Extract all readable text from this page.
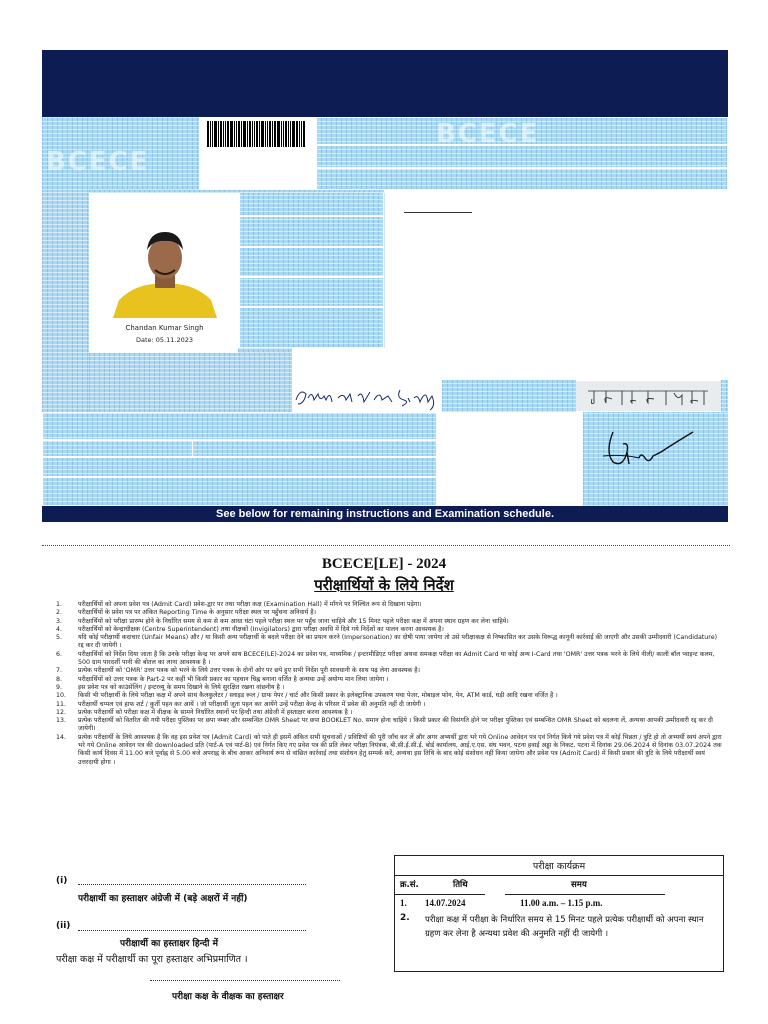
BCECE
BCECE
Chandan Kumar Singh
Date: 05.11.2023
See below for remaining instructions and Examination schedule.
BCECE[LE] - 2024
परीक्षार्थियों के लिये निर्देश
1.	परीक्षार्थियों को अपना प्रवेश पत्र (Admit Card) प्रवेश-द्वार पर तथा परीक्षा कक्ष (Examination Hall) में माँगने पर निश्चित रूप से दिखाना पड़ेगा।
2.	परीक्षार्थियों के प्रवेश पत्र पर अंकित Reporting Time के अनुसार परीक्षा स्थल पर पहुँचना अनिवार्य है।
3.	परीक्षार्थियों को परीक्षा प्रारम्भ होने के निर्धारित समय से कम से कम आधा घंटा पहले परीक्षा स्थल पर पहुँच जाना चाहिये और 15 मिनट पहले परीक्षा कक्ष में अपना स्थान ग्रहण कर लेना चाहिये।
4.	परीक्षार्थियों को केन्द्राधीक्षक (Centre Superintendent) तथा वीक्षकों (Invigilators) द्वारा परीक्षा अवधि में दिये गये निर्देशों का पालन करना आवश्यक है।
5.	यदि कोई परीक्षार्थी कदाचार (Unfair Means) और / या किसी अन्य परीक्षार्थी के बदले परीक्षा देने का प्रयत्न करने (Impersonation) का दोषी पाया जायेगा तो उसे परीक्षाकक्ष से निष्कासित कर उसके विरूद्ध कानूनी कार्रवाई की जाएगी और उसकी उम्मीदवारी (Candidature) रद्द कर दी जायेगी ।
6.	परीक्षार्थियों को निर्देश दिया जाता है कि उनके परीक्षा केन्द्र पर अपने साथ BCECE(LE)-2024 का प्रवेश पत्र, माध्यमिक / इन्टरमीडिएट परीक्षा अथवा समकक्ष परीक्षा का Admit Card या कोई अन्य I-Card तथा 'OMR' उत्तर पत्रक भरने के लिये नीली/ काली बॉल प्वाइन्ट कलम, 500 ग्राम पारदर्शी पानी की बोतल का लाना आवश्यक है ।
7.	प्रत्येक परीक्षार्थी को 'OMR' उत्तर पत्रक को भरने के लिये उत्तर पत्रक के दोनों ओर पर छपे हुए सभी निर्देश पूरी सावधानी के साथ पढ़ लेना आवश्यक है।
8.	परीक्षार्थियों को उत्तर पत्रक के Part-2 पर कहीं भी किसी प्रकार का पहचान चिह्न बनाना वर्जित है अन्यथा उन्हें अयोग्य मान लिया जायेगा ।
9.	इस प्रवेश पत्र को काउंसेलिंग / इन्टरव्यू के समय दिखाने के लिये सुरक्षित रखना वांछनीय है ।
10. किसी भी परीक्षार्थी के लिये परीक्षा कक्ष में अपने साथ कैलकुलेटर / स्लाइड रूल / ग्राफ पेपर / चार्ट और किसी प्रकार के इलेक्ट्रानिक उपकरण यथा पेजर, मोबाइल फोन, पेन, ATM कार्ड, घड़ी आदि रखना वर्जित है ।
11. परीक्षार्थी चप्पल एवं हाफ शर्ट / कुर्ती पहन कर आयें । जो परीक्षार्थी जूता पहन कर आयेंगे उन्हें परीक्षा केन्द्र के परिसर में प्रवेश की अनुमति नहीं दी जायेगी ।
12. प्रत्येक परीक्षार्थी को परीक्षा कक्ष में वीक्षक के सामने निर्धारित स्थानों पर हिन्दी तथा अंग्रेजी में हस्ताक्षर करना आवश्यक है ।
13. प्रत्येक परीक्षार्थी को वितरित की गयी परीक्षा पुस्तिका पर छपा नम्बर और सम्बन्धित OMR Sheet पर छपा BOOKLET No. समान होना चाहिये । किसी प्रकार की विसंगति होने पर परीक्षा पुस्तिका एवं सम्बन्धित OMR Sheet को बदलना लें, अन्यथा आपकी उम्मीदवारी रद्द कर दी जायेगी।
14. प्रत्येक परीक्षार्थी के लिये आवश्यक है कि वह इस प्रवेश पत्र (Admit Card) को पाते ही इसमें अंकित सभी सूचनाओं / प्रविष्टियों की पूरी जाँच कर लें और अगर अभ्यर्थी द्वारा भरे गये Online आवेदन पत्र एवं निर्गत किये गये प्रवेश पत्र में कोई भिन्नता / त्रुटि हो तो अभ्यर्थी स्वयं अपने द्वारा भरे गये Online आवेदन पत्र की downloaded प्रति (पार्ट-A एवं पार्ट-B) एवं निर्गत किए गए प्रवेश पत्र की प्रति लेकर परीक्षा नियंत्रक, बी.सी.ई.सी.ई. बोर्ड कार्यालय, आई.ए.एस. संघ भवन, पटना हवाई अड्डा के निकट, पटना में दिनांक 29.06.2024 से दिनांक 03.07.2024 तक किसी कार्य दिवस में 11.00 बजे पूर्वाह्न से 5.00 बजे अपराह्न के बीच आकर अनिवार्य रूप से वांछित कार्रवाई तथा संशोधन हेतु सम्पर्क करें, अन्यथा इस तिथि के बाद कोई संशोधन नहीं किया जायेगा और प्रवेश पत्र (Admit Card) में किसी प्रकार की त्रुटि के लिये परीक्षार्थी स्वयं उत्तरदायी होगा ।
(i)
परीक्षार्थी का हस्ताक्षर अंग्रेजी में (बड़े अक्षरों में नहीं)
(ii)
परीक्षार्थी का हस्ताक्षर हिन्दी में
परीक्षा कक्ष में परीक्षार्थी का पूरा हस्ताक्षर अभिप्रमाणित ।
परीक्षा कक्ष के वीक्षक का हस्ताक्षर
परीक्षा कार्यक्रम
क्र.सं.	तिथि	समय
1. 14.07.2024	11.00 a.m. – 1.15 p.m.
2. परीक्षा कक्ष में परीक्षा के निर्धारित समय से 15 मिनट पहले प्रत्येक परीक्षार्थी को अपना स्थान ग्रहण कर लेना है अन्यथा प्रवेश की अनुमति नहीं दी जायेगी ।
